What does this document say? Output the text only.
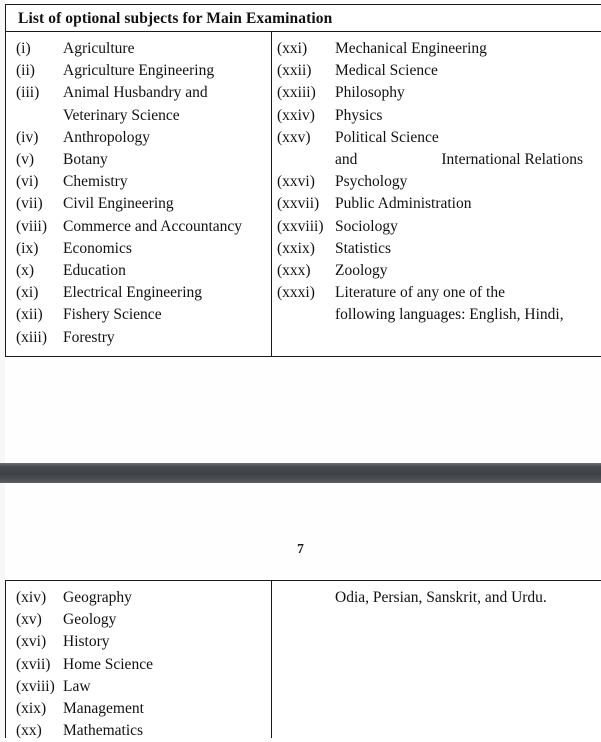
List of optional subjects for Main Examination
(i)	Agriculture
(ii)	Agriculture Engineering
(iii)	Animal Husbandry and
Veterinary Science
(iv)	Anthropology
(v)	Botany
(vi)	Chemistry
(vii)	Civil Engineering
(viii)	Commerce and Accountancy
(ix)	Economics
(x)	Education
(xi)	Electrical Engineering
(xii)	Fishery Science
(xiii)	Forestry
(xxi)	Mechanical Engineering
(xxii)	Medical Science
(xxiii)	Philosophy
(xxiv)	Physics
(xxv)	Political Science
and	International Relations
(xxvi)	Psychology
(xxvii)	Public Administration
(xxviii) Sociology
(xxix)	Statistics
(xxx)	Zoology
(xxxi)	Literature of any one of the
following languages: English, Hindi,
7
(xiv)	Geography
(xv)	Geology
(xvi)	History
(xvii) Home Science
(xviii) Law
(xix)	Management
(xx)	Mathematics
Odia, Persian, Sanskrit, and Urdu.
